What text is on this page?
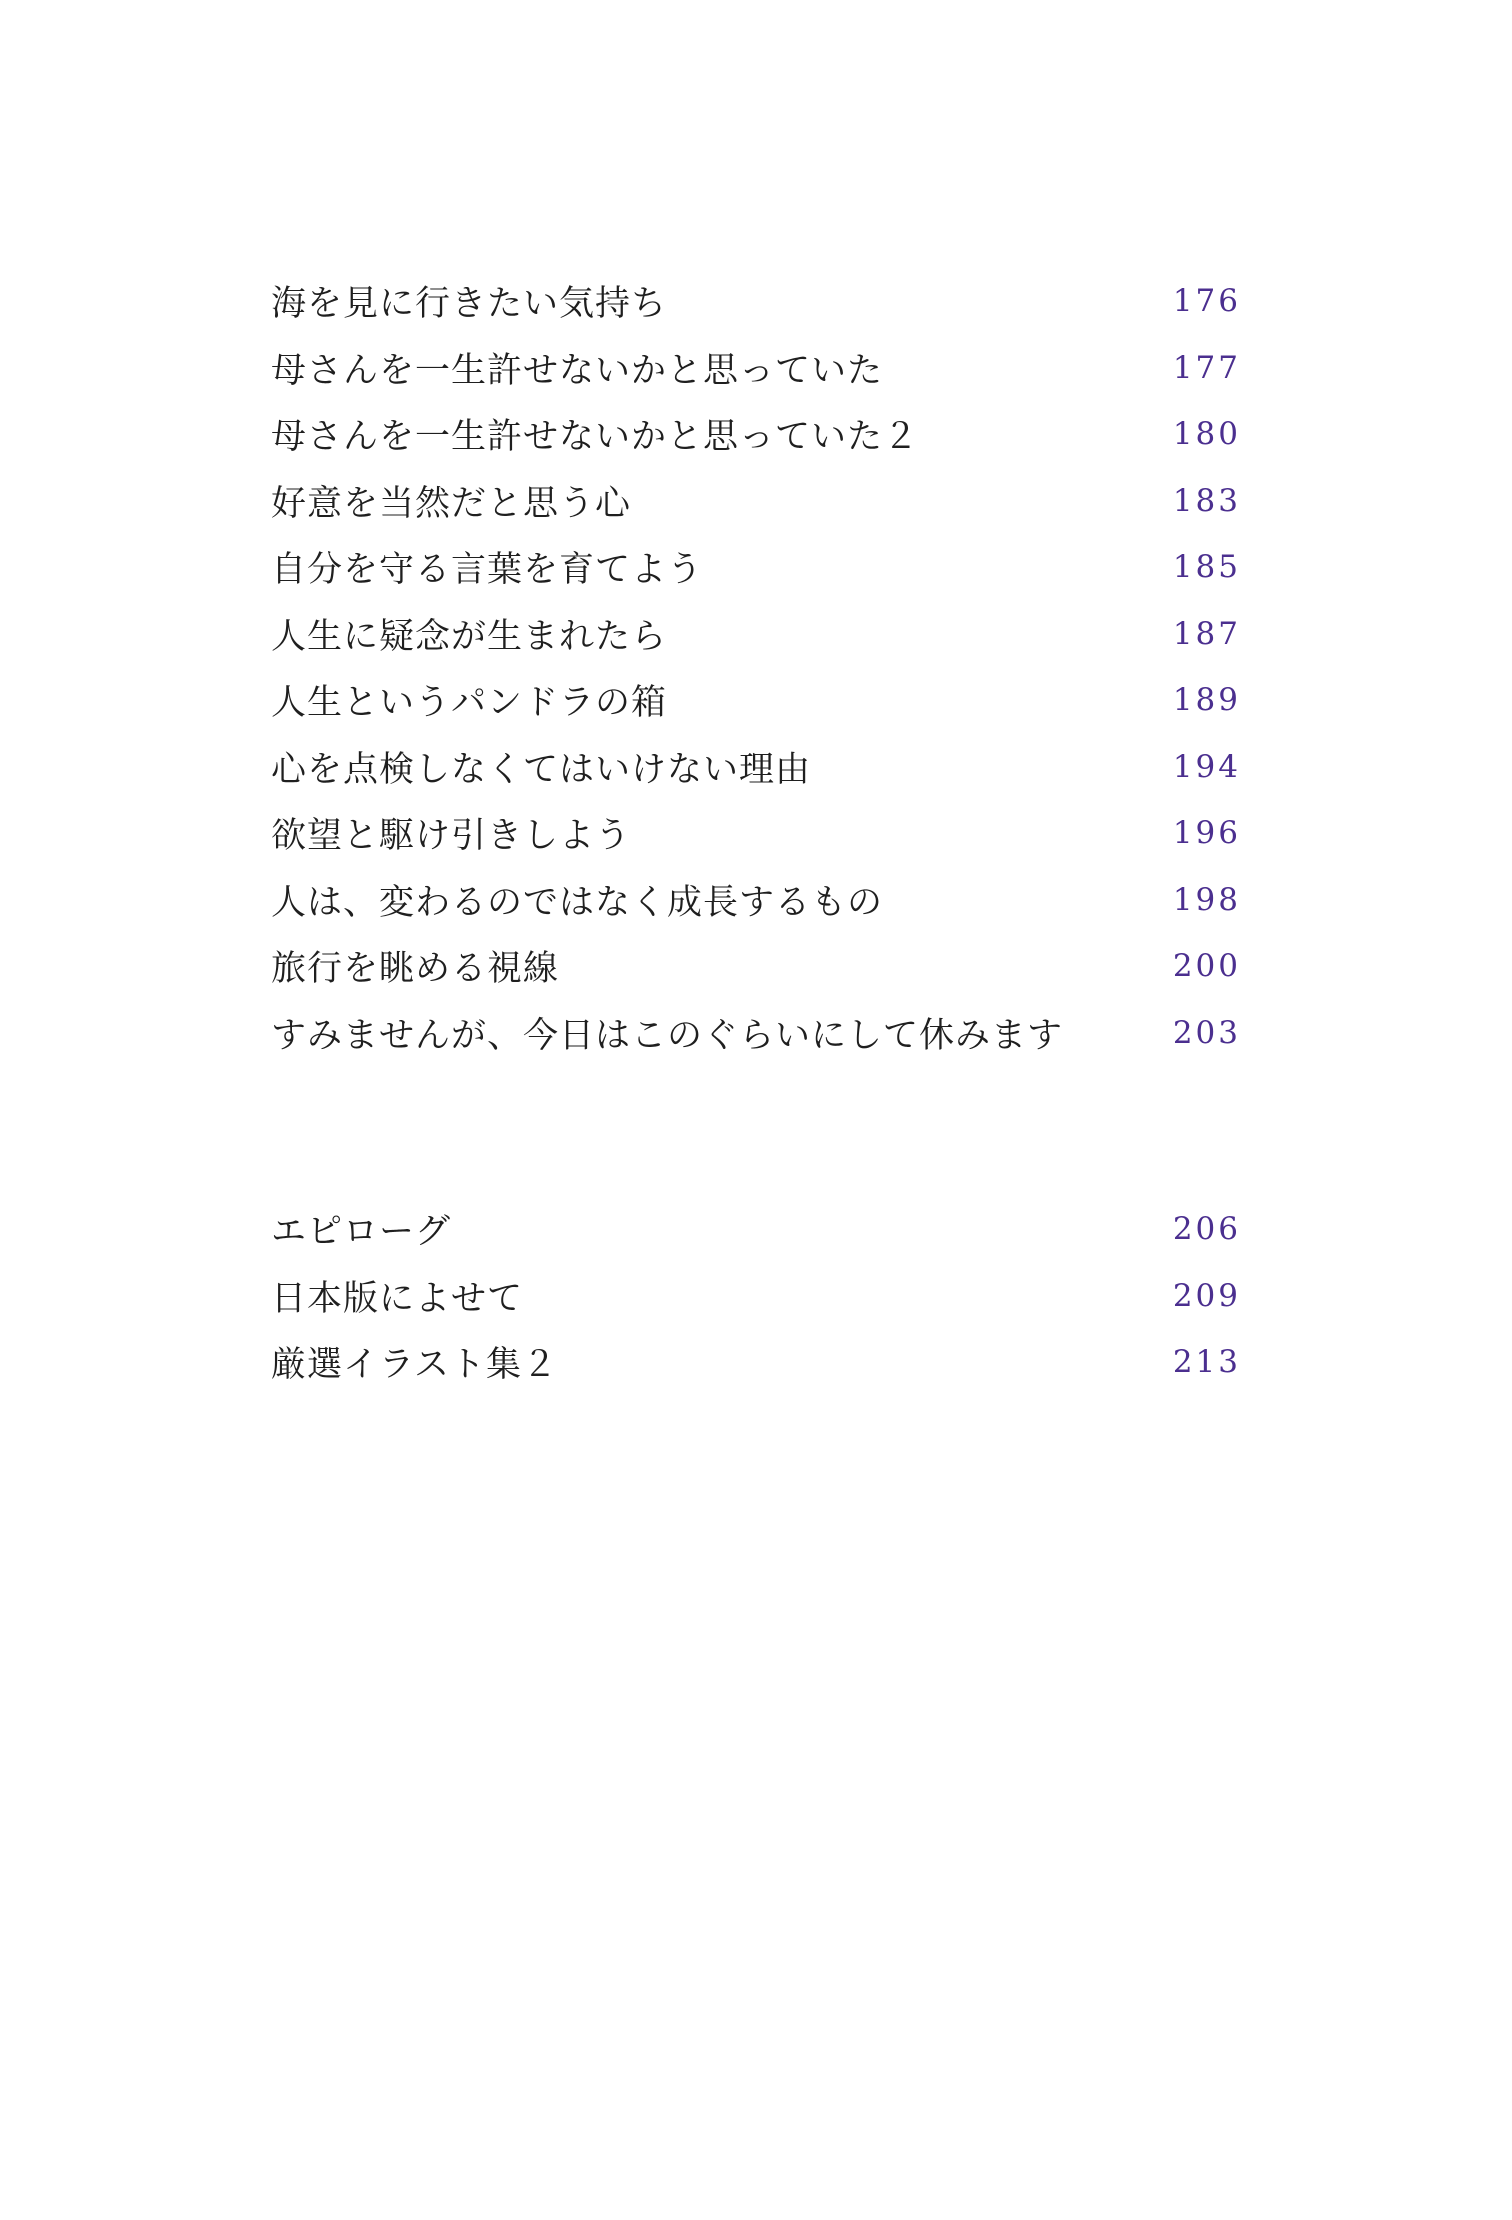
海を見に行きたい気持ち	176
母さんを一生許せないかと思っていた	177
母さんを一生許せないかと思っていた２	180
好意を当然だと思う心	183
自分を守る言葉を育てよう	185
人生に疑念が生まれたら	187
人生というパンドラの箱	189
心を点検しなくてはいけない理由	194
欲望と駆け引きしよう	196
人は、変わるのではなく成長するもの	198
旅行を眺める視線	200
すみませんが、今日はこのぐらいにして休みます	203
エピローグ	206
日本版によせて	209
厳選イラスト集２	213
